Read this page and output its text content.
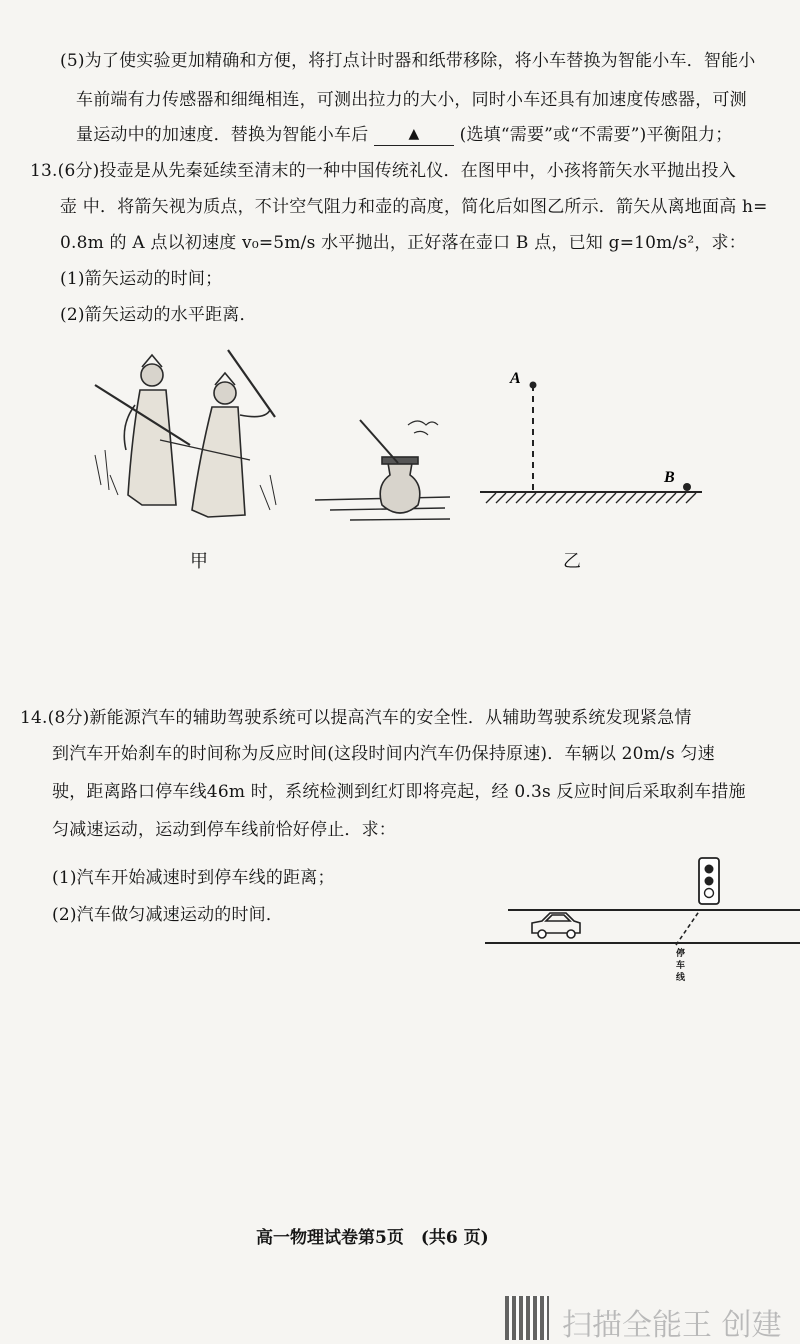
(5)为了使实验更加精确和方便，将打点计时器和纸带移除，将小车替换为智能小车．智能小
车前端有力传感器和细绳相连，可测出拉力的大小，同时小车还具有加速度传感器，可测
量运动中的加速度．替换为智能小车后	▲ (选填“需要”或“不需要”)平衡阻力；
13.(6分)投壶是从先秦延续至清末的一种中国传统礼仪．在图甲中，小孩将箭矢水平抛出投入
壶 中．将箭矢视为质点，不计空气阻力和壶的高度，简化后如图乙所示．箭矢从离地面高 h=
0.8m 的 A 点以初速度 v₀=5m/s 水平抛出，正好落在壶口 B 点，已知 g=10m/s²，求：
(1)箭矢运动的时间；
(2)箭矢运动的水平距离．
甲
A
B
乙
14.(8分)新能源汽车的辅助驾驶系统可以提高汽车的安全性．从辅助驾驶系统发现紧急情
到汽车开始刹车的时间称为反应时间(这段时间内汽车仍保持原速)．车辆以 20m/s 匀速
驶，距离路口停车线46m 时，系统检测到红灯即将亮起，经 0.3s 反应时间后采取刹车措施
匀减速运动，运动到停车线前恰好停止．求：
(1)汽车开始减速时到停车线的距离；
(2)汽车做匀减速运动的时间．
停车线
高一物理试卷第5页　(共6 页)
扫描全能王 创建
